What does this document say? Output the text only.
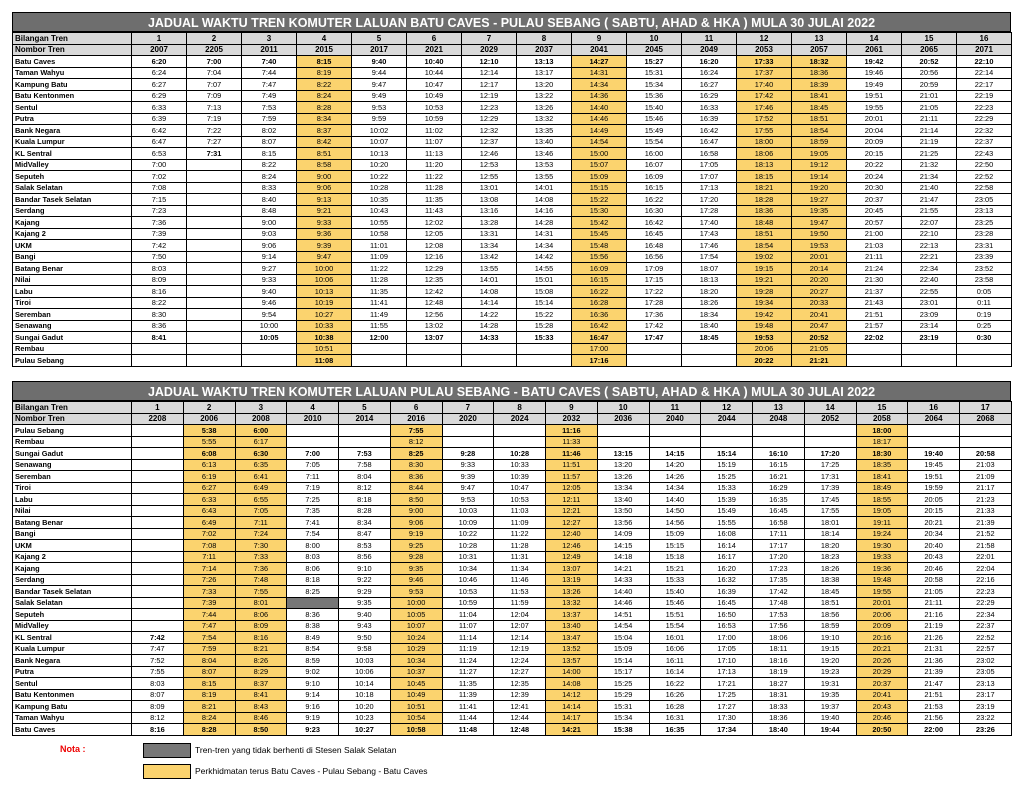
JADUAL WAKTU TREN KOMUTER LALUAN BATU CAVES - PULAU SEBANG ( SABTU, AHAD & HKA ) MULA 30 JULAI 2022
Bilangan Tren	1	2	3	4	5	6	7	8	9	10	11	12	13	14	15	16
Nombor Tren	2007	2205	2011	2015	2017	2021	2029	2037	2041	2045	2049	2053	2057	2061	2065	2071
Batu Caves	6:20	7:00	7:40	8:15	9:40	10:40	12:10	13:13	14:27	15:27	16:20	17:33	18:32	19:42	20:52	22:10
Taman Wahyu	6:24	7:04	7:44	8:19	9:44	10:44	12:14	13:17	14:31	15:31	16:24	17:37	18:36	19:46	20:56	22:14
Kampung Batu	6:27	7:07	7:47	8:22	9:47	10:47	12:17	13:20	14:34	15:34	16:27	17:40	18:39	19:49	20:59	22:17
Batu Kentonmen	6:29	7:09	7:49	8:24	9:49	10:49	12:19	13:22	14:36	15:36	16:29	17:42	18:41	19:51	21:01	22:19
Sentul	6:33	7:13	7:53	8:28	9:53	10:53	12:23	13:26	14:40	15:40	16:33	17:46	18:45	19:55	21:05	22:23
Putra	6:39	7:19	7:59	8:34	9:59	10:59	12:29	13:32	14:46	15:46	16:39	17:52	18:51	20:01	21:11	22:29
Bank Negara	6:42	7:22	8:02	8:37	10:02	11:02	12:32	13:35	14:49	15:49	16:42	17:55	18:54	20:04	21:14	22:32
Kuala Lumpur	6:47	7:27	8:07	8:42	10:07	11:07	12:37	13:40	14:54	15:54	16:47	18:00	18:59	20:09	21:19	22:37
KL Sentral	6:53	7:31	8:15	8:51	10:13	11:13	12:46	13:46	15:00	16:00	16:58	18:06	19:05	20:15	21:25	22:43
MidValley	7:00		8:22	8:58	10:20	11:20	12:53	13:53	15:07	16:07	17:05	18:13	19:12	20:22	21:32	22:50
Seputeh	7:02		8:24	9:00	10:22	11:22	12:55	13:55	15:09	16:09	17:07	18:15	19:14	20:24	21:34	22:52
Salak Selatan	7:08		8:33	9:06	10:28	11:28	13:01	14:01	15:15	16:15	17:13	18:21	19:20	20:30	21:40	22:58
Bandar Tasek Selatan	7:15		8:40	9:13	10:35	11:35	13:08	14:08	15:22	16:22	17:20	18:28	19:27	20:37	21:47	23:05
Serdang	7:23		8:48	9:21	10:43	11:43	13:16	14:16	15:30	16:30	17:28	18:36	19:35	20:45	21:55	23:13
Kajang	7:36		9:00	9:33	10:55	12:02	13:28	14:28	15:42	16:42	17:40	18:48	19:47	20:57	22:07	23:25
Kajang 2	7:39		9:03	9:36	10:58	12:05	13:31	14:31	15:45	16:45	17:43	18:51	19:50	21:00	22:10	23:28
UKM	7:42		9:06	9:39	11:01	12:08	13:34	14:34	15:48	16:48	17:46	18:54	19:53	21:03	22:13	23:31
Bangi	7:50		9:14	9:47	11:09	12:16	13:42	14:42	15:56	16:56	17:54	19:02	20:01	21:11	22:21	23:39
Batang Benar	8:03		9:27	10:00	11:22	12:29	13:55	14:55	16:09	17:09	18:07	19:15	20:14	21:24	22:34	23:52
Nilai	8:09		9:33	10:06	11:28	12:35	14:01	15:01	16:15	17:15	18:13	19:21	20:20	21:30	22:40	23:58
Labu	8:16		9:40	10:13	11:35	12:42	14:08	15:08	16:22	17:22	18:20	19:28	20:27	21:37	22:55	0:05
Tiroi	8:22		9:46	10:19	11:41	12:48	14:14	15:14	16:28	17:28	18:26	19:34	20:33	21:43	23:01	0:11
Seremban	8:30		9:54	10:27	11:49	12:56	14:22	15:22	16:36	17:36	18:34	19:42	20:41	21:51	23:09	0:19
Senawang	8:36		10:00	10:33	11:55	13:02	14:28	15:28	16:42	17:42	18:40	19:48	20:47	21:57	23:14	0:25
Sungai Gadut	8:41		10:05	10:38	12:00	13:07	14:33	15:33	16:47	17:47	18:45	19:53	20:52	22:02	23:19	0:30
Rembau				10:51					17:00			20:06	21:05			
Pulau Sebang				11:08					17:16			20:22	21:21			
JADUAL WAKTU TREN KOMUTER LALUAN PULAU SEBANG - BATU CAVES ( SABTU, AHAD & HKA ) MULA 30 JULAI 2022
Bilangan Tren	1	2	3	4	5	6	7	8	9	10	11	12	13	14	15	16	17
Nombor Tren	2208	2006	2008	2010	2014	2016	2020	2024	2032	2036	2040	2044	2048	2052	2058	2064	2068
Pulau Sebang		5:38	6:00			7:55			11:16						18:00		
Rembau		5:55	6:17			8:12			11:33						18:17		
Sungai Gadut		6:08	6:30	7:00	7:53	8:25	9:28	10:28	11:46	13:15	14:15	15:14	16:10	17:20	18:30	19:40	20:58
Senawang		6:13	6:35	7:05	7:58	8:30	9:33	10:33	11:51	13:20	14:20	15:19	16:15	17:25	18:35	19:45	21:03
Seremban		6:19	6:41	7:11	8:04	8:36	9:39	10:39	11:57	13:26	14:26	15:25	16:21	17:31	18:41	19:51	21:09
Tiroi		6:27	6:49	7:19	8:12	8:44	9:47	10:47	12:05	13:34	14:34	15:33	16:29	17:39	18:49	19:59	21:17
Labu		6:33	6:55	7:25	8:18	8:50	9:53	10:53	12:11	13:40	14:40	15:39	16:35	17:45	18:55	20:05	21:23
Nilai		6:43	7:05	7:35	8:28	9:00	10:03	11:03	12:21	13:50	14:50	15:49	16:45	17:55	19:05	20:15	21:33
Batang Benar		6:49	7:11	7:41	8:34	9:06	10:09	11:09	12:27	13:56	14:56	15:55	16:58	18:01	19:11	20:21	21:39
Bangi		7:02	7:24	7:54	8:47	9:19	10:22	11:22	12:40	14:09	15:09	16:08	17:11	18:14	19:24	20:34	21:52
UKM		7:08	7:30	8:00	8:53	9:25	10:28	11:28	12:46	14:15	15:15	16:14	17:17	18:20	19:30	20:40	21:58
Kajang 2		7:11	7:33	8:03	8:56	9:28	10:31	11:31	12:49	14:18	15:18	16:17	17:20	18:23	19:33	20:43	22:01
Kajang		7:14	7:36	8:06	9:10	9:35	10:34	11:34	13:07	14:21	15:21	16:20	17:23	18:26	19:36	20:46	22:04
Serdang		7:26	7:48	8:18	9:22	9:46	10:46	11:46	13:19	14:33	15:33	16:32	17:35	18:38	19:48	20:58	22:16
Bandar Tasek Selatan		7:33	7:55	8:25	9:29	9:53	10:53	11:53	13:26	14:40	15:40	16:39	17:42	18:45	19:55	21:05	22:23
Salak Selatan		7:39	8:01		9:35	10:00	10:59	11:59	13:32	14:46	15:46	16:45	17:48	18:51	20:01	21:11	22:29
Seputeh		7:44	8:06	8:36	9:40	10:05	11:04	12:04	13:37	14:51	15:51	16:50	17:53	18:56	20:06	21:16	22:34
MidValley		7:47	8:09	8:38	9:43	10:07	11:07	12:07	13:40	14:54	15:54	16:53	17:56	18:59	20:09	21:19	22:37
KL Sentral	7:42	7:54	8:16	8:49	9:50	10:24	11:14	12:14	13:47	15:04	16:01	17:00	18:06	19:10	20:16	21:26	22:52
Kuala Lumpur	7:47	7:59	8:21	8:54	9:58	10:29	11:19	12:19	13:52	15:09	16:06	17:05	18:11	19:15	20:21	21:31	22:57
Bank Negara	7:52	8:04	8:26	8:59	10:03	10:34	11:24	12:24	13:57	15:14	16:11	17:10	18:16	19:20	20:26	21:36	23:02
Putra	7:55	8:07	8:29	9:02	10:06	10:37	11:27	12:27	14:00	15:17	16:14	17:13	18:19	19:23	20:29	21:39	23:05
Sentul	8:03	8:15	8:37	9:10	10:14	10:45	11:35	12:35	14:08	15:25	16:22	17:21	18:27	19:31	20:37	21:47	23:13
Batu Kentonmen	8:07	8:19	8:41	9:14	10:18	10:49	11:39	12:39	14:12	15:29	16:26	17:25	18:31	19:35	20:41	21:51	23:17
Kampung Batu	8:09	8:21	8:43	9:16	10:20	10:51	11:41	12:41	14:14	15:31	16:28	17:27	18:33	19:37	20:43	21:53	23:19
Taman Wahyu	8:12	8:24	8:46	9:19	10:23	10:54	11:44	12:44	14:17	15:34	16:31	17:30	18:36	19:40	20:46	21:56	23:22
Batu Caves	8:16	8:28	8:50	9:23	10:27	10:58	11:48	12:48	14:21	15:38	16:35	17:34	18:40	19:44	20:50	22:00	23:26
Nota :	Tren-tren yang tidak berhenti di Stesen Salak Selatan
Perkhidmatan terus Batu Caves - Pulau Sebang - Batu Caves
